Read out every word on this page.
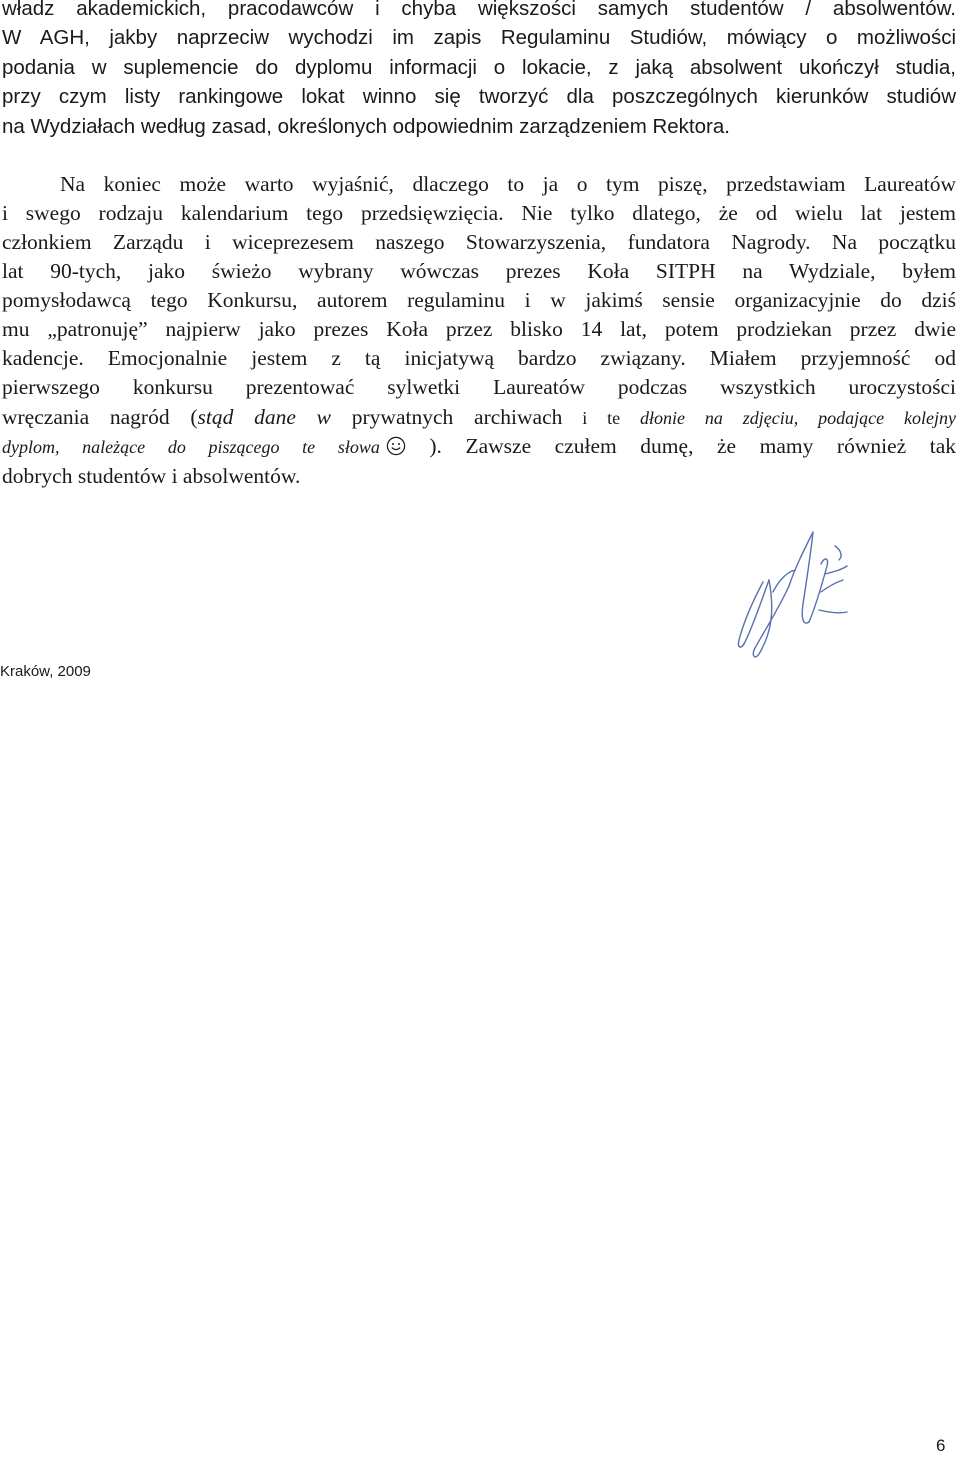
władz akademickich, pracodawców i chyba większości samych studentów / absolwentów.
W AGH, jakby naprzeciw wychodzi im zapis Regulaminu Studiów, mówiący o możliwości
podania w suplemencie do dyplomu informacji o lokacie, z jaką absolwent ukończył studia,
przy czym listy rankingowe lokat winno się tworzyć dla poszczególnych kierunków studiów
na Wydziałach według zasad, określonych odpowiednim zarządzeniem Rektora.
Na koniec może warto wyjaśnić, dlaczego to ja o tym piszę, przedstawiam Laureatów
i swego rodzaju kalendarium tego przedsięwzięcia. Nie tylko dlatego, że od wielu lat jestem
członkiem Zarządu i wiceprezesem naszego Stowarzyszenia, fundatora Nagrody. Na początku
lat 90-tych, jako świeżo wybrany wówczas prezes Koła SITPH na Wydziale, byłem
pomysłodawcą tego Konkursu, autorem regulaminu i w jakimś sensie organizacyjnie do dziś
mu „patronuję” najpierw jako prezes Koła przez blisko 14 lat, potem prodziekan przez dwie
kadencje. Emocjonalnie jestem z tą inicjatywą bardzo związany. Miałem przyjemność od
pierwszego konkursu prezentować sylwetki Laureatów podczas wszystkich uroczystości
wręczania nagród (stąd dane w prywatnych archiwach i te dłonie na zdjęciu, podające kolejny
dyplom, należące do piszącego te słowa ). Zawsze czułem dumę, że mamy również tak
dobrych studentów i absolwentów.
Kraków, 2009
6
